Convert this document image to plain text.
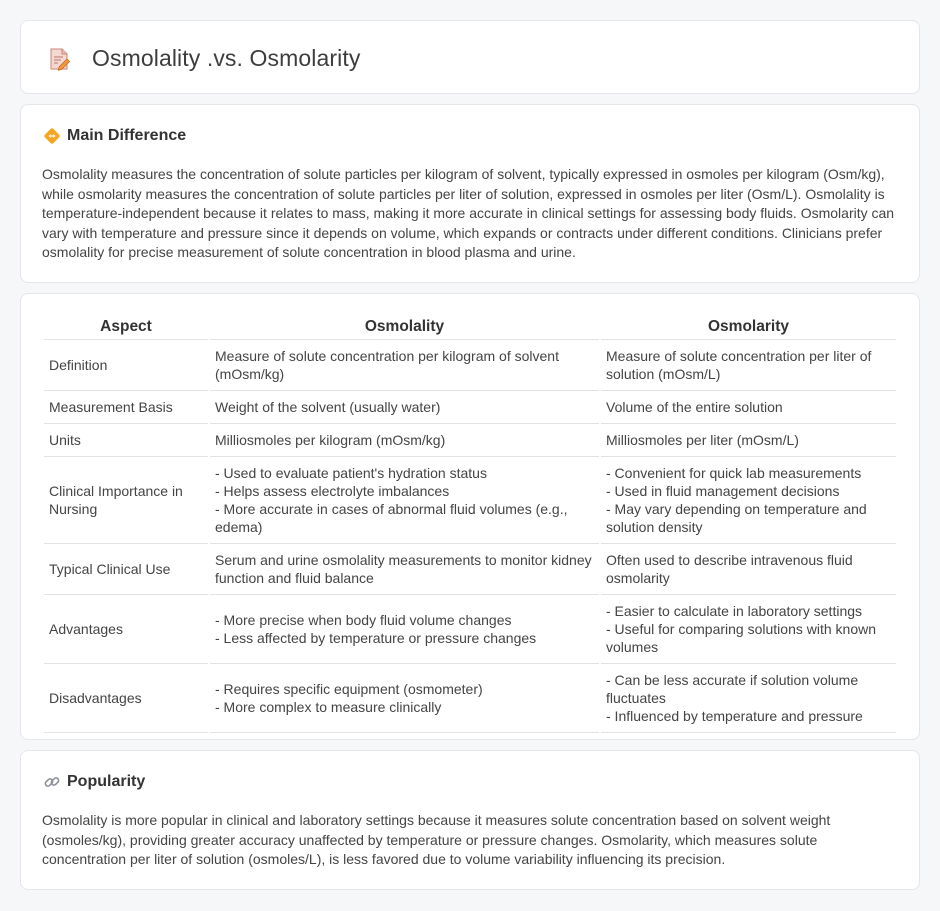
Osmolality .vs. Osmolarity
Main Difference

Osmolality measures the concentration of solute particles per kilogram of solvent, typically expressed in osmoles per kilogram (Osm/kg), while osmolarity measures the concentration of solute particles per liter of solution, expressed in osmoles per liter (Osm/L). Osmolality is temperature-independent because it relates to mass, making it more accurate in clinical settings for assessing body fluids. Osmolarity can vary with temperature and pressure since it depends on volume, which expands or contracts under different conditions. Clinicians prefer osmolality for precise measurement of solute concentration in blood plasma and urine.

Aspect	Osmolality	Osmolarity
Definition	Measure of solute concentration per kilogram of solvent (mOsm/kg)	Measure of solute concentration per liter of solution (mOsm/L)

Measurement Basis	Weight of the solvent (usually water)	Volume of the entire solution

Units	Milliosmoles per kilogram (mOsm/kg)	Milliosmoles per liter (mOsm/L)

Clinical Importance in Nursing	- Used to evaluate patient's hydration status
- Helps assess electrolyte imbalances
- More accurate in cases of abnormal fluid volumes (e.g., edema)	- Convenient for quick lab measurements
- Used in fluid management decisions
- May vary depending on temperature and solution density

Typical Clinical Use	Serum and urine osmolality measurements to monitor kidney function and fluid balance	Often used to describe intravenous fluid osmolarity

Advantages	- More precise when body fluid volume changes
- Less affected by temperature or pressure changes	- Easier to calculate in laboratory settings
- Useful for comparing solutions with known volumes

Disadvantages	- Requires specific equipment (osmometer)
- More complex to measure clinically	- Can be less accurate if solution volume fluctuates
- Influenced by temperature and pressure
Popularity

Osmolality is more popular in clinical and laboratory settings because it measures solute concentration based on solvent weight (osmoles/kg), providing greater accuracy unaffected by temperature or pressure changes. Osmolarity, which measures solute concentration per liter of solution (osmoles/L), is less favored due to volume variability influencing its precision.
